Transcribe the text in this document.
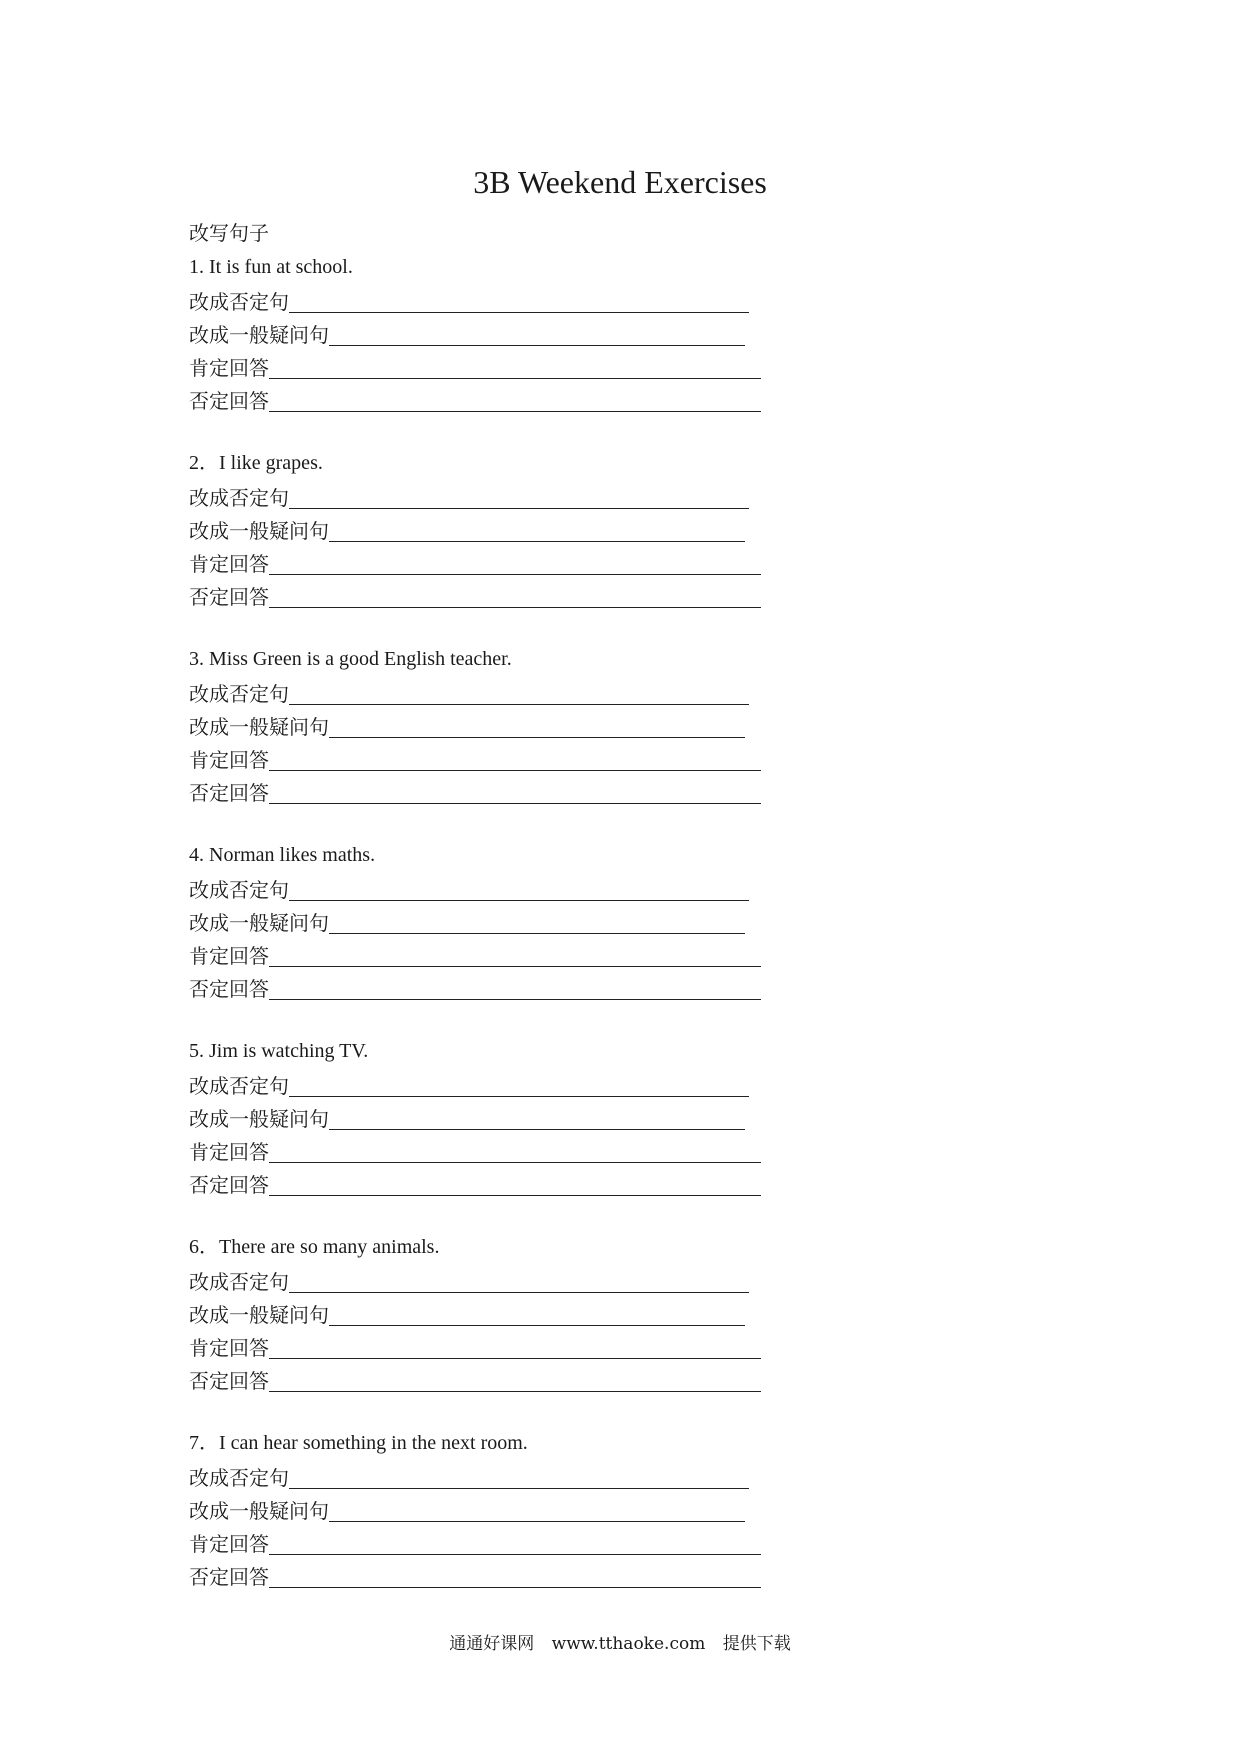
3B Weekend Exercises
改写句子
1. It is fun at school.
改成否定句
改成一般疑问句
肯定回答
否定回答
2．I like grapes.
改成否定句
改成一般疑问句
肯定回答
否定回答
3. Miss Green is a good English teacher.
改成否定句
改成一般疑问句
肯定回答
否定回答
4. Norman likes maths.
改成否定句
改成一般疑问句
肯定回答
否定回答
5. Jim is watching TV.
改成否定句
改成一般疑问句
肯定回答
否定回答
6．There are so many animals.
改成否定句
改成一般疑问句
肯定回答
否定回答
7．I can hear something in the next room.
改成否定句
改成一般疑问句
肯定回答
否定回答
通通好课网 www.tthaoke.com 提供下载
